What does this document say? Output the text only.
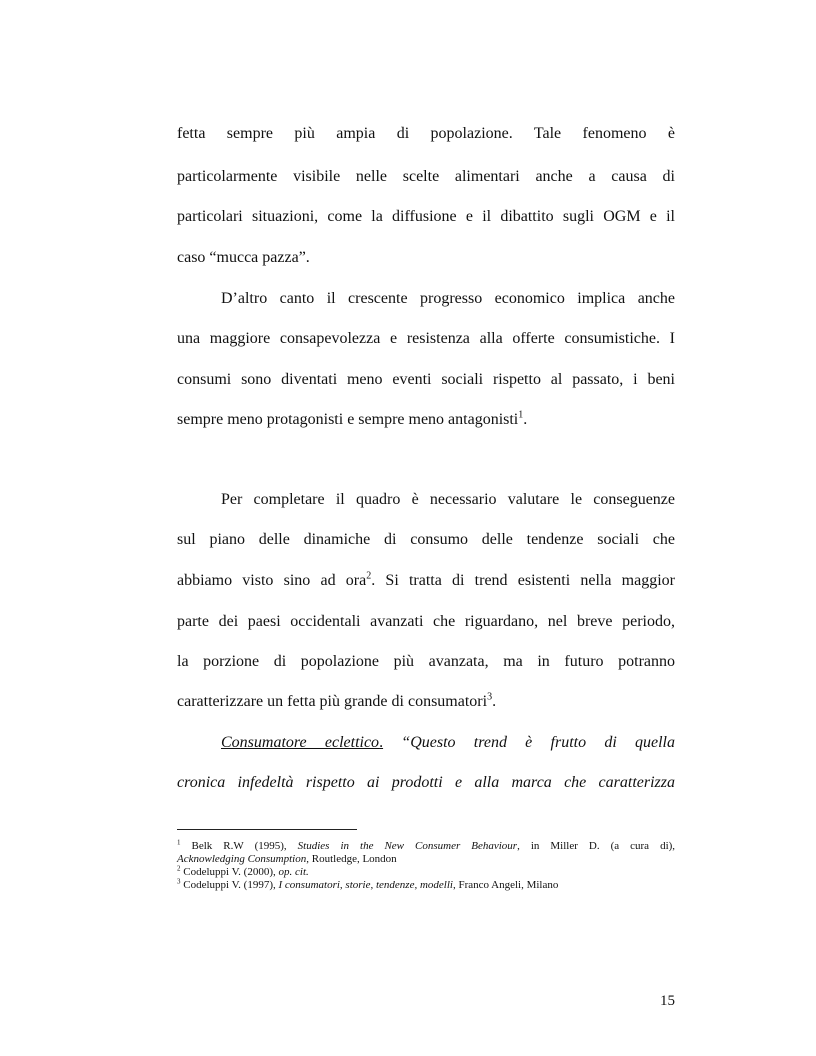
fetta sempre più ampia di popolazione. Tale fenomeno è
particolarmente visibile nelle scelte alimentari anche a causa di
particolari situazioni, come la diffusione e il dibattito sugli OGM e il
caso “mucca pazza”.
D’altro canto il crescente progresso economico implica anche
una maggiore consapevolezza e resistenza alla offerte consumistiche. I
consumi sono diventati meno eventi sociali rispetto al passato, i beni
sempre meno protagonisti e sempre meno antagonisti$^1$.
Per completare il quadro è necessario valutare le conseguenze
sul piano delle dinamiche di consumo delle tendenze sociali che
abbiamo visto sino ad ora$^2$. Si tratta di trend esistenti nella maggior
parte dei paesi occidentali avanzati che riguardano, nel breve periodo,
la porzione di popolazione più avanzata, ma in futuro potranno
caratterizzare un fetta più grande di consumatori$^3$.
Consumatore eclettico. “Questo trend è frutto di quella
cronica infedeltà rispetto ai prodotti e alla marca che caratterizza
$^1$ Belk R.W (1995), Studies in the New Consumer Behaviour, in Miller D. (a cura di),
Acknowledging Consumption, Routledge, London
$^2$ Codeluppi V. (2000), op. cit.
$^3$ Codeluppi V. (1997), I consumatori, storie, tendenze, modelli, Franco Angeli, Milano
15
